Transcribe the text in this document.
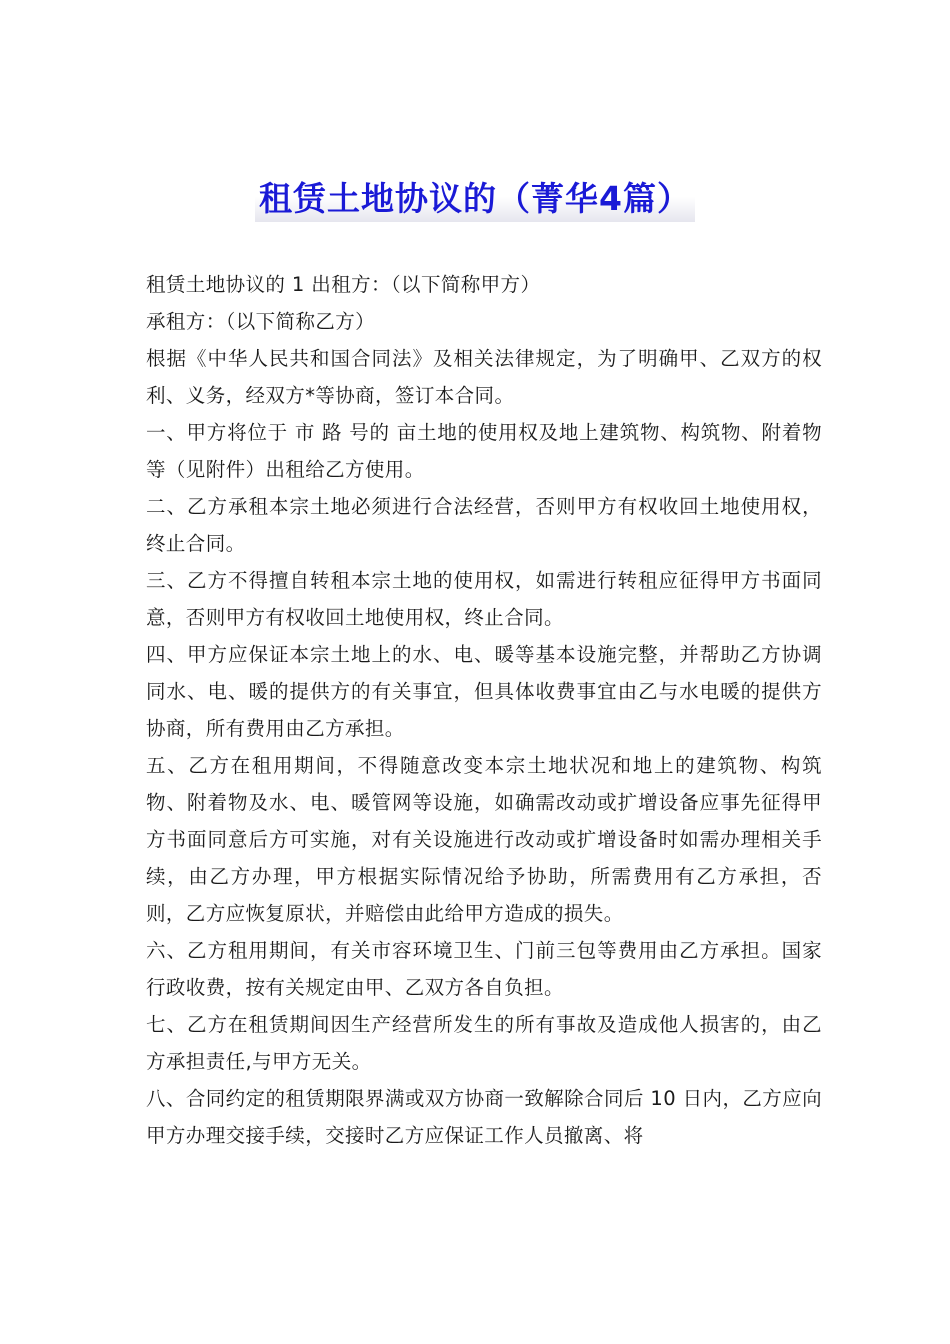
租赁土地协议的（菁华4篇）

租赁土地协议的 1 出租方：（以下简称甲方）

承租方：（以下简称乙方）

根据《中华人民共和国合同法》及相关法律规定，为了明确甲、乙双方的权利、义务，经双方*等协商，签订本合同。

一、甲方将位于 市 路 号的 亩土地的使用权及地上建筑物、构筑物、附着物等（见附件）出租给乙方使用。

二、乙方承租本宗土地必须进行合法经营，否则甲方有权收回土地使用权，终止合同。

三、乙方不得擅自转租本宗土地的使用权，如需进行转租应征得甲方书面同意，否则甲方有权收回土地使用权，终止合同。

四、甲方应保证本宗土地上的水、电、暖等基本设施完整，并帮助乙方协调同水、电、暖的提供方的有关事宜，但具体收费事宜由乙与水电暖的提供方协商，所有费用由乙方承担。

五、乙方在租用期间，不得随意改变本宗土地状况和地上的建筑物、构筑物、附着物及水、电、暖管网等设施，如确需改动或扩增设备应事先征得甲方书面同意后方可实施，对有关设施进行改动或扩增设备时如需办理相关手续，由乙方办理，甲方根据实际情况给予协助，所需费用有乙方承担，否则，乙方应恢复原状，并赔偿由此给甲方造成的损失。

六、乙方租用期间，有关市容环境卫生、门前三包等费用由乙方承担。国家行政收费，按有关规定由甲、乙双方各自负担。

七、乙方在租赁期间因生产经营所发生的所有事故及造成他人损害的，由乙方承担责任,与甲方无关。

八、合同约定的租赁期限界满或双方协商一致解除合同后 10 日内，乙方应向甲方办理交接手续，交接时乙方应保证工作人员撤离、将
